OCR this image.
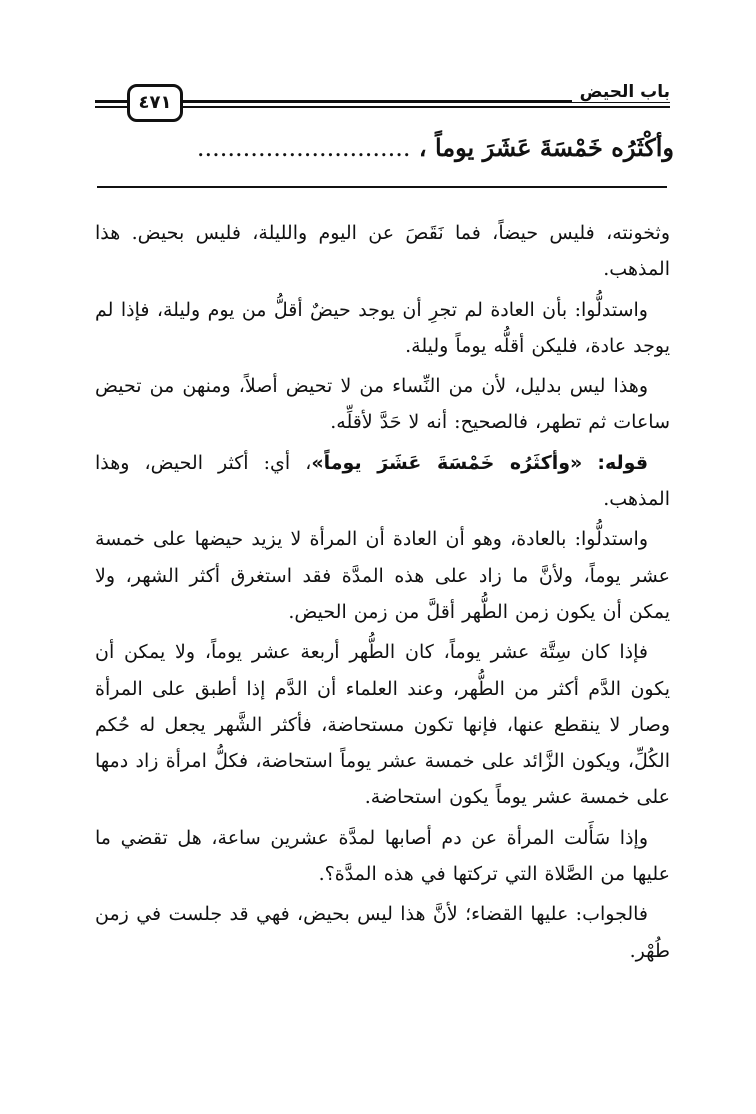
باب الحيض
٤٧١
وأكْثَرُه خَمْسَةَ عَشَرَ يوماً ، ............................

وثخونته، فليس حيضاً، فما نَقَصَ عن اليوم والليلة، فليس بحيض. هذا المذهب.

واستدلُّوا: بأن العادة لم تجرِ أن يوجد حيضٌ أقلُّ من يوم وليلة، فإذا لم يوجد عادة، فليكن أقلُّه يوماً وليلة.

وهذا ليس بدليل، لأن من النِّساء من لا تحيض أصلاً، ومنهن من تحيض ساعات ثم تطهر، فالصحيح: أنه لا حَدَّ لأقلِّه.

قوله: «وأكثَرُه خَمْسَةَ عَشَرَ يوماً»، أي: أكثر الحيض، وهذا المذهب.

واستدلُّوا: بالعادة، وهو أن العادة أن المرأة لا يزيد حيضها على خمسة عشر يوماً، ولأنَّ ما زاد على هذه المدَّة فقد استغرق أكثر الشهر، ولا يمكن أن يكون زمن الطُّهر أقلَّ من زمن الحيض.

فإذا كان سِتَّة عشر يوماً، كان الطُّهر أربعة عشر يوماً، ولا يمكن أن يكون الدَّم أكثر من الطُّهر، وعند العلماء أن الدَّم إذا أطبق على المرأة وصار لا ينقطع عنها، فإنها تكون مستحاضة، فأكثر الشَّهر يجعل له حُكم الكُلِّ، ويكون الزَّائد على خمسة عشر يوماً استحاضة، فكلُّ امرأة زاد دمها على خمسة عشر يوماً يكون استحاضة.

وإذا سَأَلت المرأة عن دم أصابها لمدَّة عشرين ساعة، هل تقضي ما عليها من الصَّلاة التي تركتها في هذه المدَّة؟.

فالجواب: عليها القضاء؛ لأنَّ هذا ليس بحيض، فهي قد جلست في زمن طُهْر.
